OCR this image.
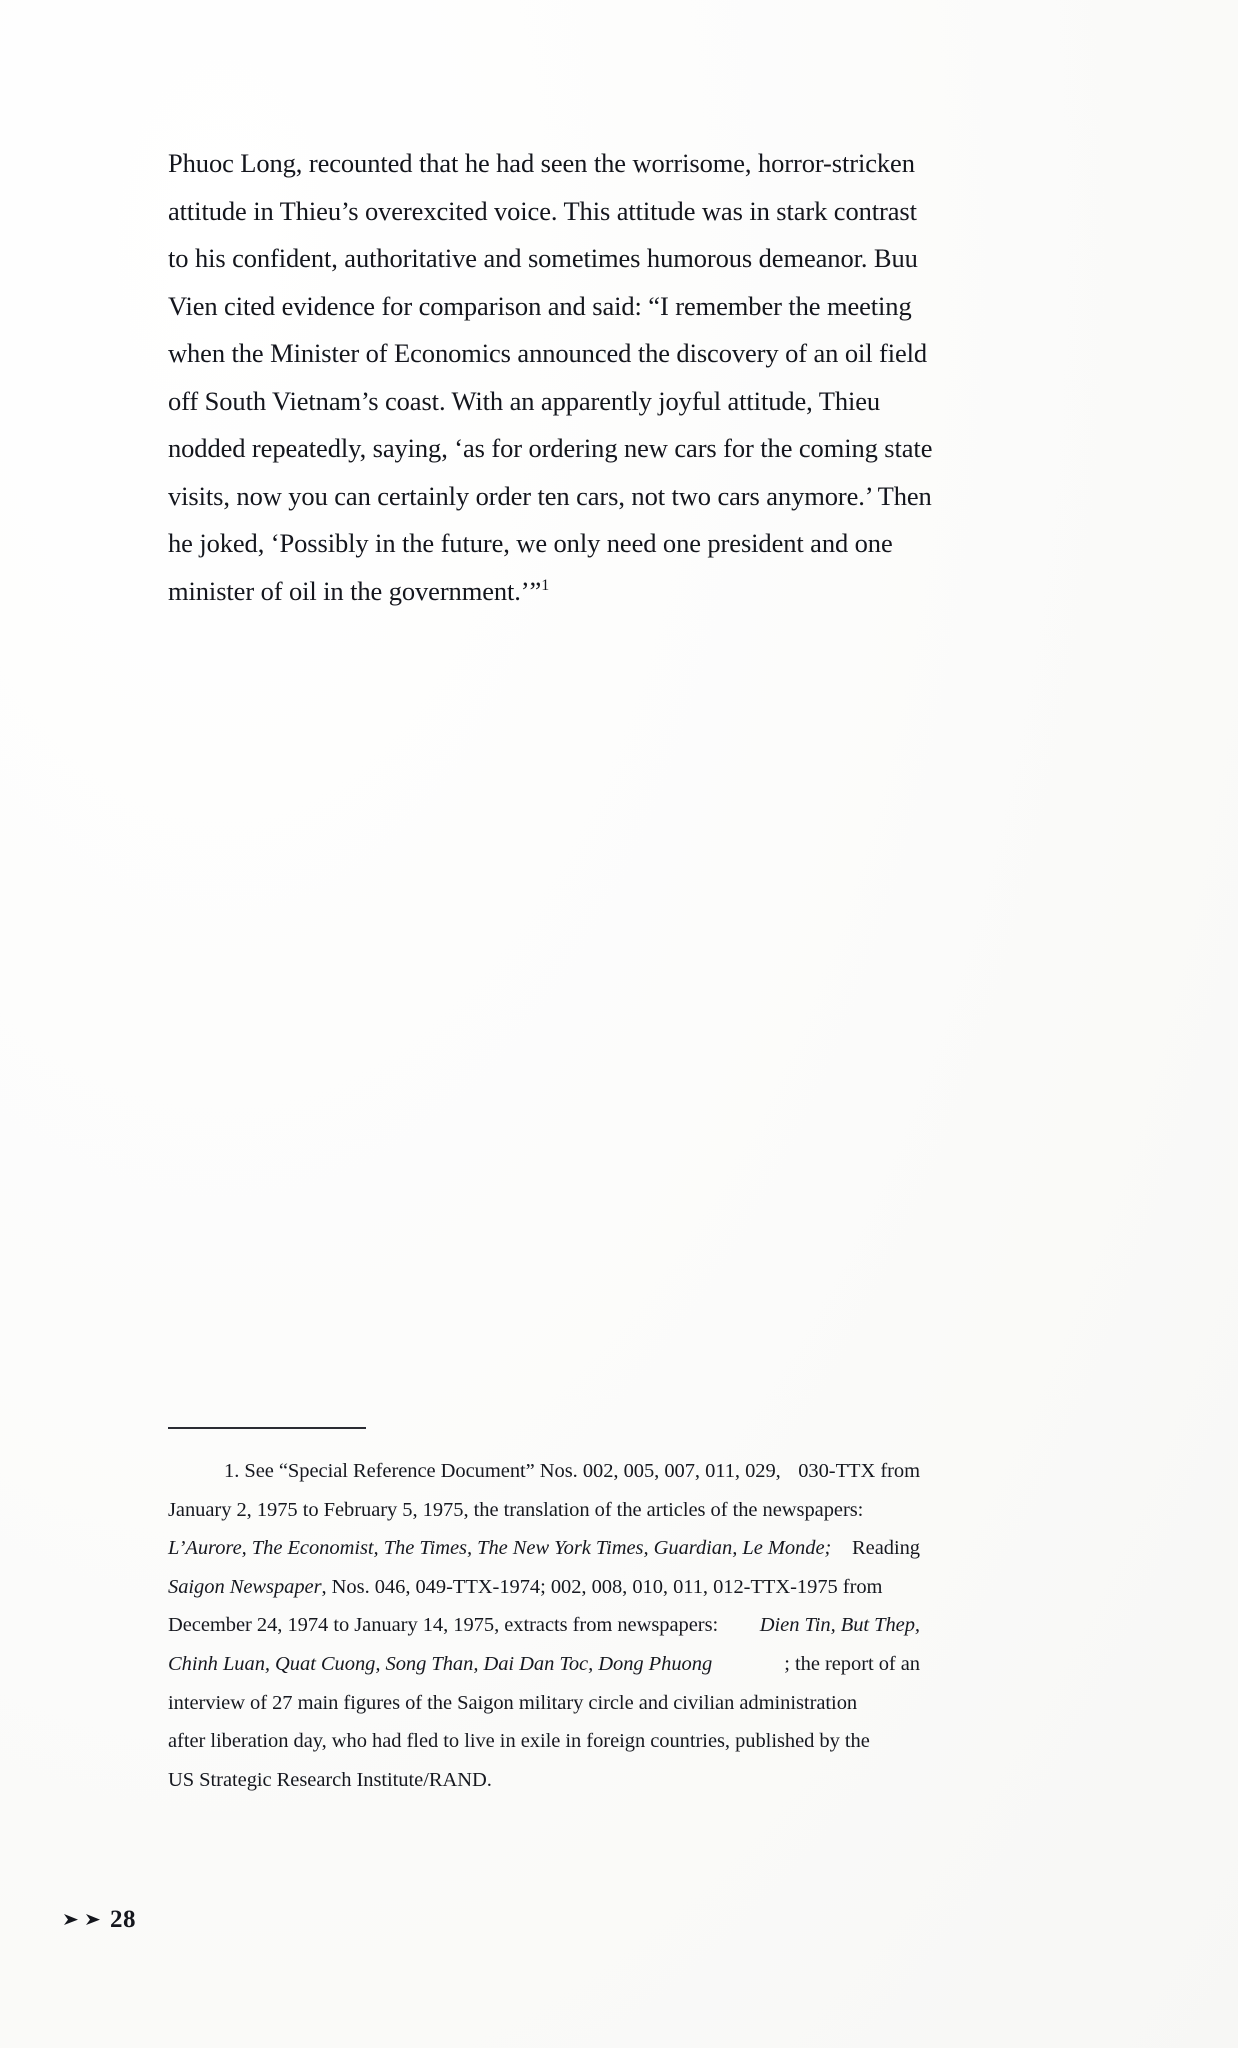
Phuoc Long, recounted that he had seen the worrisome, horror-stricken
attitude in Thieu’s overexcited voice. This attitude was in stark contrast
to his confident, authoritative and sometimes humorous demeanor. Buu
Vien cited evidence for comparison and said: “I remember the meeting
when the Minister of Economics announced the discovery of an oil field
off South Vietnam’s coast. With an apparently joyful attitude, Thieu
nodded repeatedly, saying, ‘as for ordering new cars for the coming state
visits, now you can certainly order ten cars, not two cars anymore.’ Then
he joked, ‘Possibly in the future, we only need one president and one
minister of oil in the government.’”$^1$
1. See “Special Reference Document” Nos. 002, 005, 007, 011, 029, 030-TTX from
January 2, 1975 to February 5, 1975, the translation of the articles of the newspapers:
L’Aurore, The Economist, The Times, The New York Times, Guardian, Le Monde; Reading
Saigon Newspaper, Nos. 046, 049-TTX-1974; 002, 008, 010, 011, 012-TTX-1975 from
December 24, 1974 to January 14, 1975, extracts from newspapers: Dien Tin, But Thep,
Chinh Luan, Quat Cuong, Song Than, Dai Dan Toc, Dong Phuong	; the report of an
interview of 27 main figures of the Saigon military circle and civilian administration
after liberation day, who had fled to live in exile in foreign countries, published by the
US Strategic Research Institute/RAND.
28
